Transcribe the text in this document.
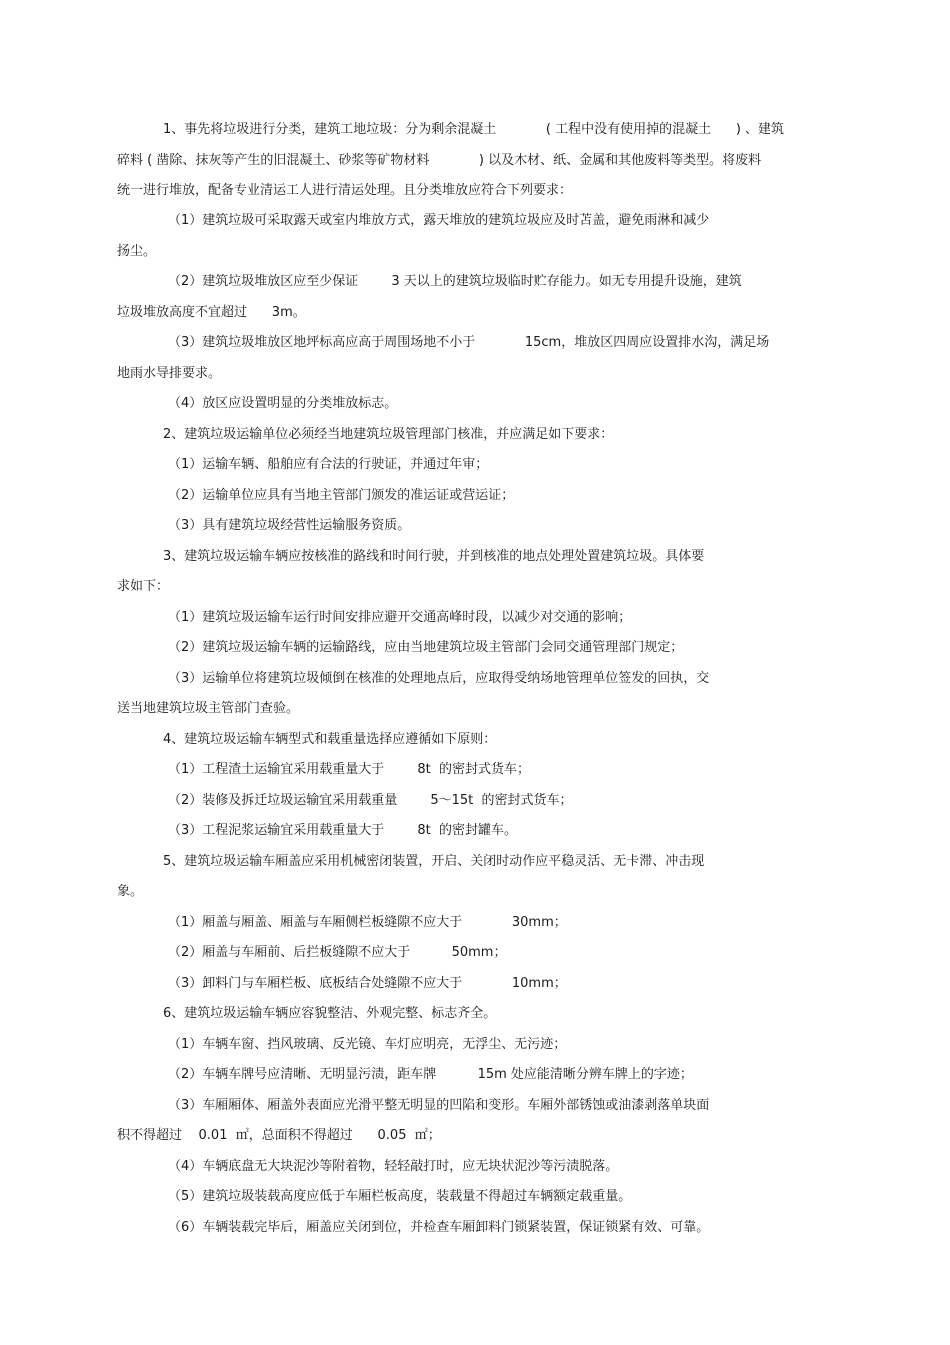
1、事先将垃圾进行分类，建筑工地垃圾：分为剩余混凝土            ( 工程中没有使用掉的混凝土      ) 、建筑
碎料 ( 凿除、抹灰等产生的旧混凝土、砂浆等矿物材料            ) 以及木材、纸、金属和其他废料等类型。将废料
统一进行堆放，配备专业清运工人进行清运处理。且分类堆放应符合下列要求：
（1）建筑垃圾可采取露天或室内堆放方式，露天堆放的建筑垃圾应及时苫盖，避免雨淋和减少
扬尘。
（2）建筑垃圾堆放区应至少保证        3 天以上的建筑垃圾临时贮存能力。如无专用提升设施，建筑
垃圾堆放高度不宜超过      3m。
（3）建筑垃圾堆放区地坪标高应高于周围场地不小于            15cm，堆放区四周应设置排水沟，满足场
地雨水导排要求。
（4）放区应设置明显的分类堆放标志。
2、建筑垃圾运输单位必须经当地建筑垃圾管理部门核准，并应满足如下要求：
（1）运输车辆、船舶应有合法的行驶证，并通过年审；
（2）运输单位应具有当地主管部门颁发的准运证或营运证；
（3）具有建筑垃圾经营性运输服务资质。
3、建筑垃圾运输车辆应按核准的路线和时间行驶，并到核准的地点处理处置建筑垃圾。具体要
求如下：
（1）建筑垃圾运输车运行时间安排应避开交通高峰时段，以减少对交通的影响；
（2）建筑垃圾运输车辆的运输路线，应由当地建筑垃圾主管部门会同交通管理部门规定；
（3）运输单位将建筑垃圾倾倒在核准的处理地点后，应取得受纳场地管理单位签发的回执，交
送当地建筑垃圾主管部门查验。
4、建筑垃圾运输车辆型式和载重量选择应遵循如下原则：
（1）工程渣土运输宜采用载重量大于        8t  的密封式货车；
（2）装修及拆迁垃圾运输宜采用载重量        5～15t  的密封式货车；
（3）工程泥浆运输宜采用载重量大于        8t  的密封罐车。
5、建筑垃圾运输车厢盖应采用机械密闭装置，开启、关闭时动作应平稳灵活、无卡滞、冲击现
象。
（1）厢盖与厢盖、厢盖与车厢侧栏板缝隙不应大于            30mm；
（2）厢盖与车厢前、后拦板缝隙不应大于          50mm；
（3）卸料门与车厢栏板、底板结合处缝隙不应大于            10mm；
6、建筑垃圾运输车辆应容貌整洁、外观完整、标志齐全。
（1）车辆车窗、挡风玻璃、反光镜、车灯应明亮，无浮尘、无污迹；
（2）车辆车牌号应清晰、无明显污渍，距车牌          15m 处应能清晰分辨车牌上的字迹；
（3）车厢厢体、厢盖外表面应光滑平整无明显的凹陷和变形。车厢外部锈蚀或油漆剥落单块面
积不得超过    0.01  ㎡，总面积不得超过      0.05  ㎡；
（4）车辆底盘无大块泥沙等附着物，轻轻敲打时，应无块状泥沙等污渍脱落。
（5）建筑垃圾装载高度应低于车厢栏板高度，装载量不得超过车辆额定载重量。
（6）车辆装载完毕后，厢盖应关闭到位，并检查车厢卸料门锁紧装置，保证锁紧有效、可靠。
